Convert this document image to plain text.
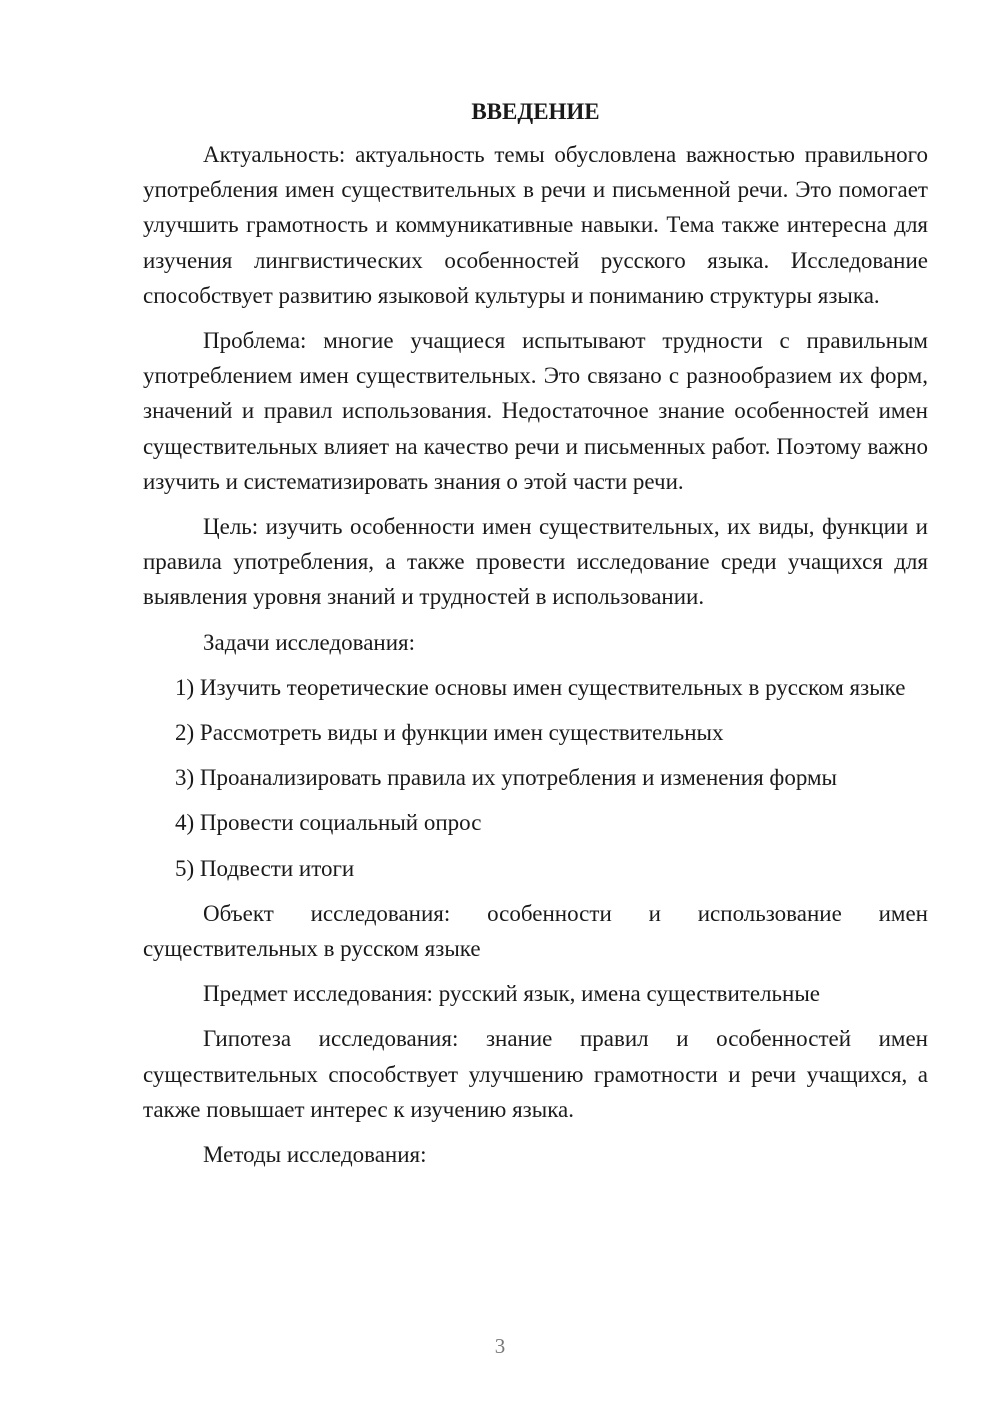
ВВЕДЕНИЕ

Актуальность: актуальность темы обусловлена важностью правильного употребления имен существительных в речи и письменной речи. Это помогает улучшить грамотность и коммуникативные навыки. Тема также интересна для изучения лингвистических особенностей русского языка. Исследование способствует развитию языковой культуры и пониманию структуры языка.

Проблема: многие учащиеся испытывают трудности с правильным употреблением имен существительных. Это связано с разнообразием их форм, значений и правил использования. Недостаточное знание особенностей имен существительных влияет на качество речи и письменных работ. Поэтому важно изучить и систематизировать знания о этой части речи.

Цель: изучить особенности имен существительных, их виды, функции и правила употребления, а также провести исследование среди учащихся для выявления уровня знаний и трудностей в использовании.

Задачи исследования:

1) Изучить теоретические основы имен существительных в русском языке

2) Рассмотреть виды и функции имен существительных

3) Проанализировать правила их употребления и изменения формы

4) Провести социальный опрос

5) Подвести итоги

Объект исследования: особенности и использование имен существительных в русском языке

Предмет исследования: русский язык, имена существительные

Гипотеза исследования: знание правил и особенностей имен существительных способствует улучшению грамотности и речи учащихся, а также повышает интерес к изучению языка.

Методы исследования:

3
